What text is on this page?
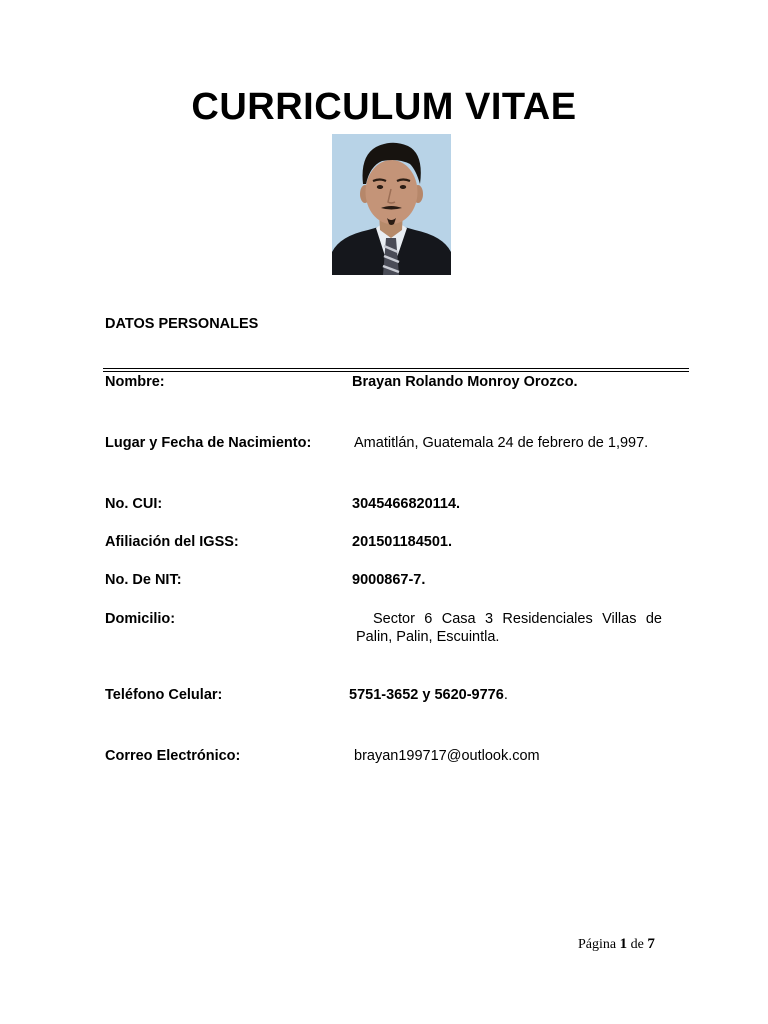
CURRICULUM VITAE
DATOS PERSONALES
Nombre:	Brayan Rolando Monroy Orozco.
Lugar y Fecha de Nacimiento:	Amatitlán, Guatemala 24 de febrero de 1,997.
No. CUI:	3045466820114.
Afiliación del IGSS:	201501184501.
No. De NIT:	9000867-7.
Domicilio:	Sector 6 Casa 3 Residenciales Villas de
Palin, Palin, Escuintla.
Teléfono Celular:	5751-3652 y 5620-9776.
Correo Electrónico:	brayan199717@outlook.com
Página 1 de 7
